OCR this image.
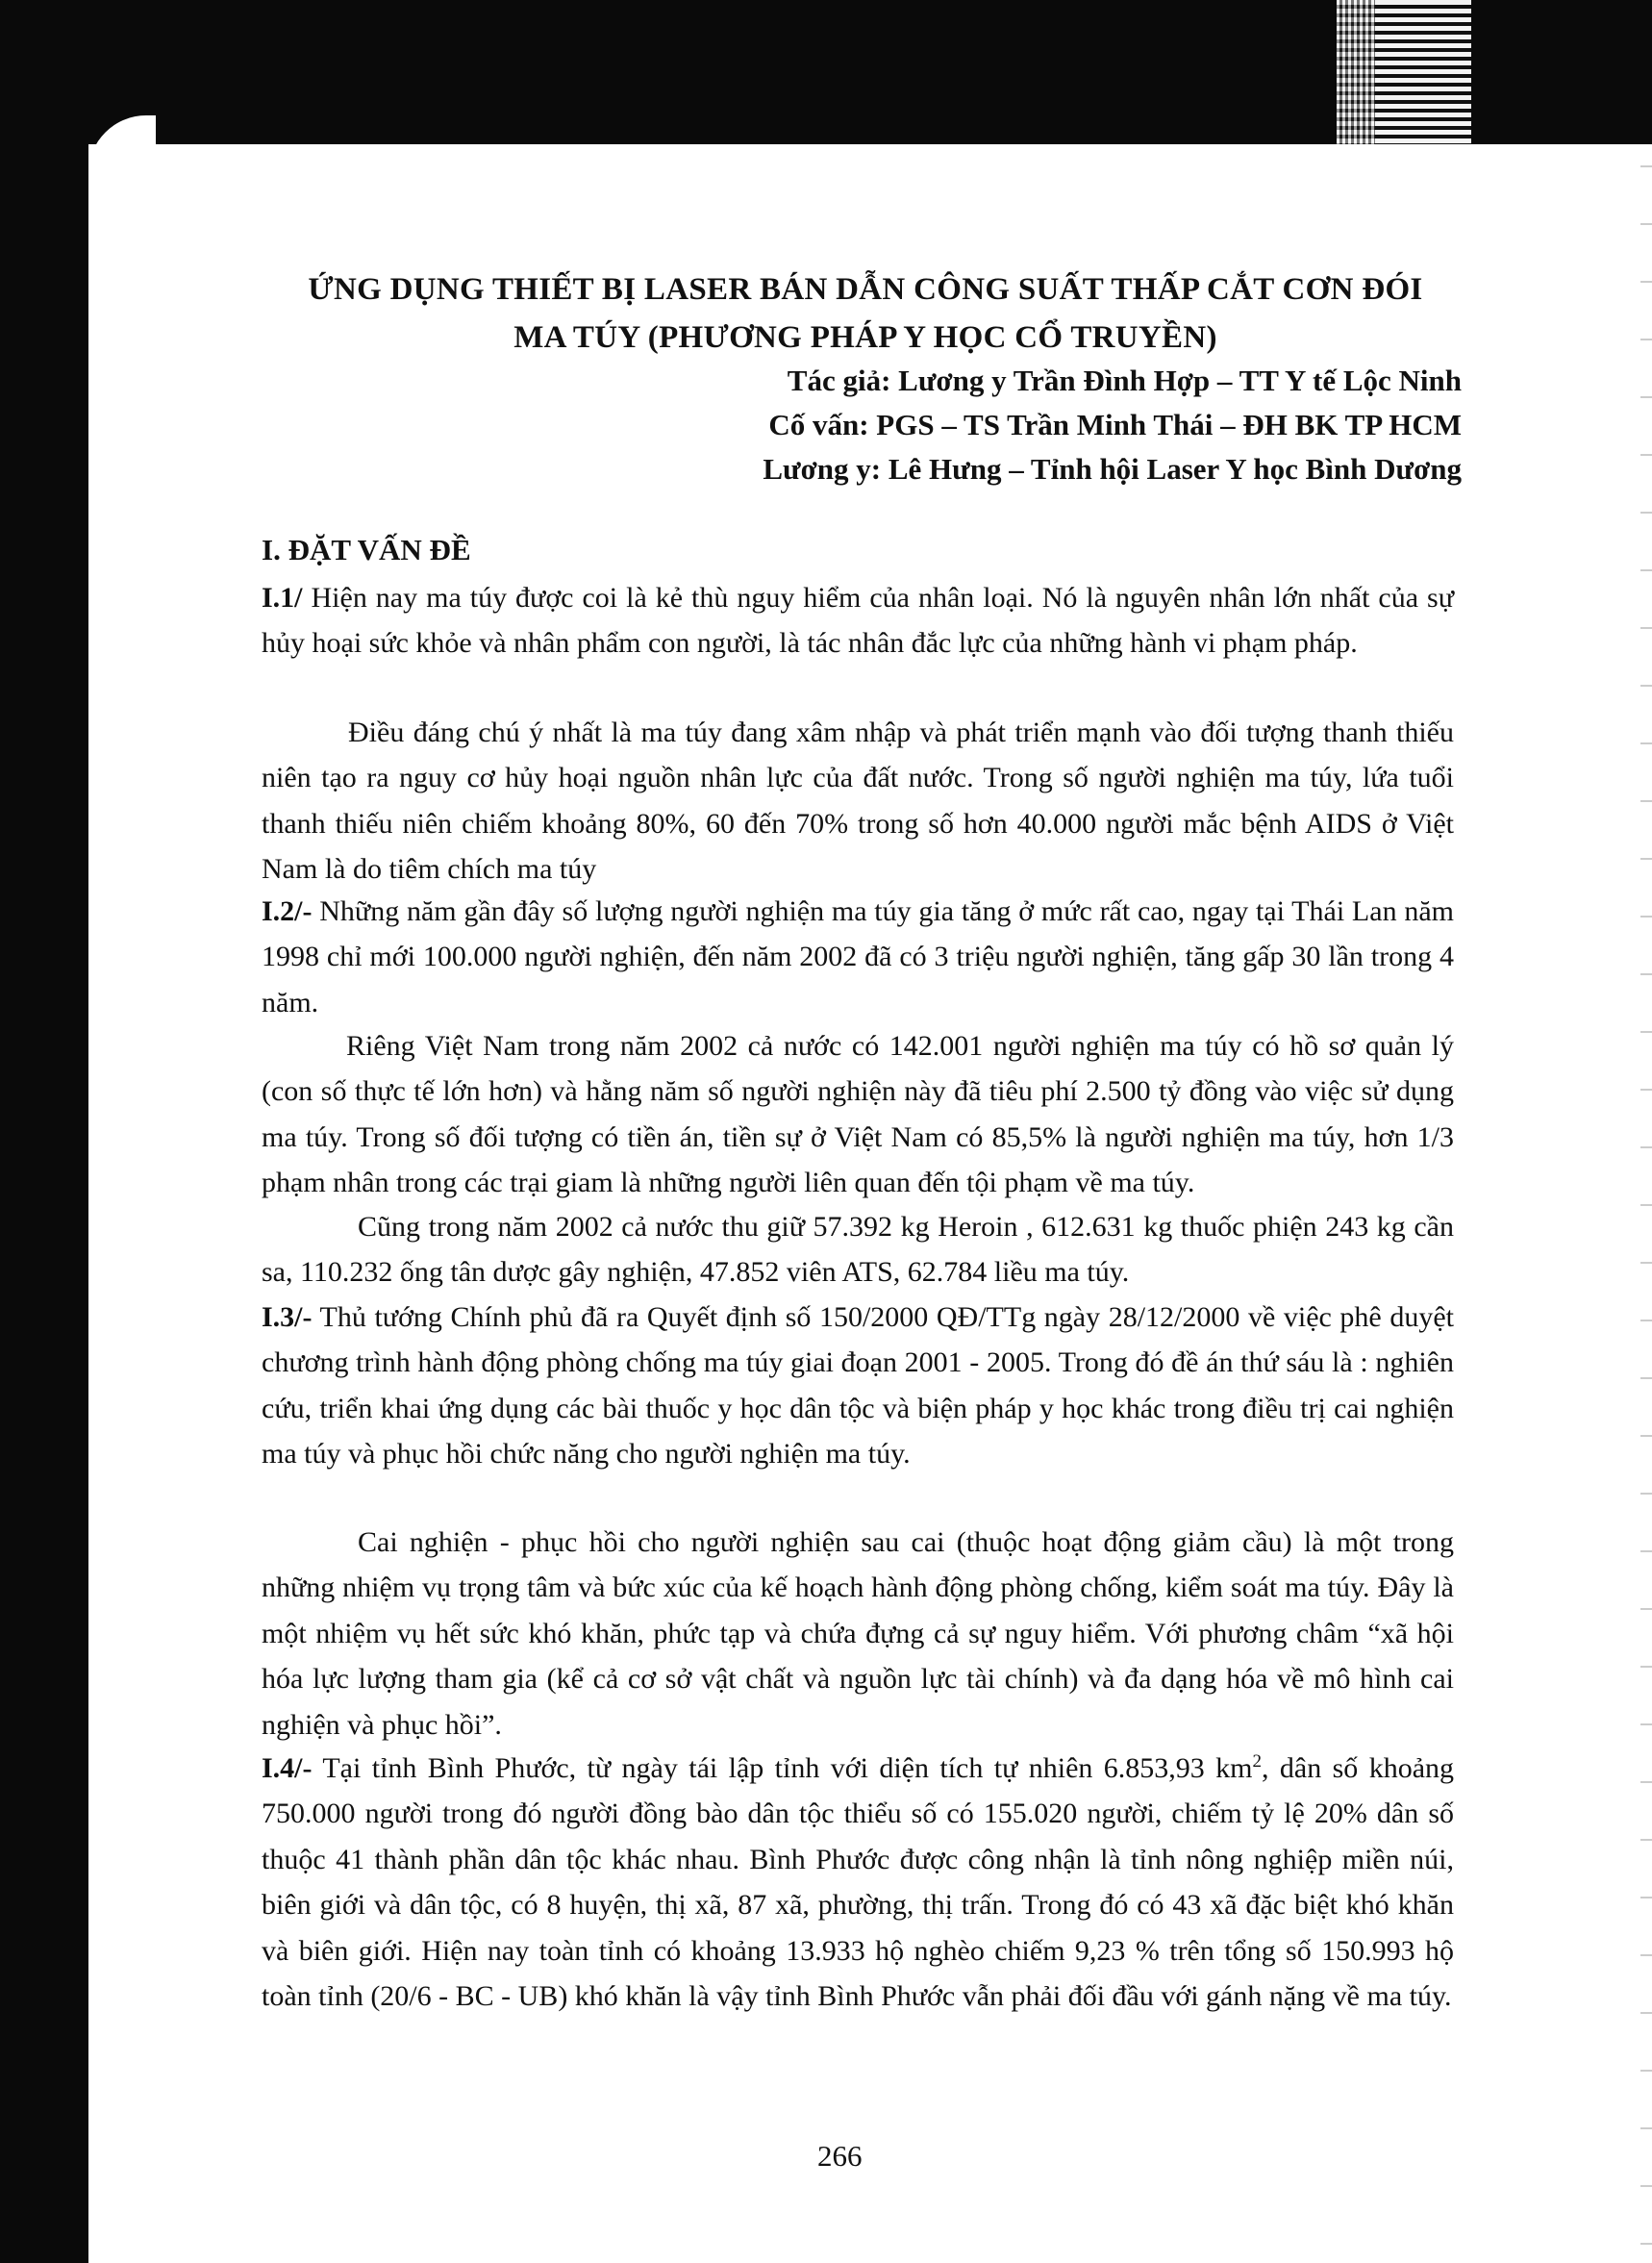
ỨNG DỤNG THIẾT BỊ LASER BÁN DẪN CÔNG SUẤT THẤP CẮT CƠN ĐÓI
MA TÚY (PHƯƠNG PHÁP Y HỌC CỔ TRUYỀN)
Tác giả: Lương y Trần Đình Hợp – TT Y tế Lộc Ninh
Cố vấn: PGS – TS Trần Minh Thái – ĐH BK TP HCM
Lương y: Lê Hưng – Tỉnh hội Laser Y học Bình Dương
I. ĐẶT VẤN ĐỀ

I.1/ Hiện nay ma túy được coi là kẻ thù nguy hiểm của nhân loại. Nó là nguyên nhân lớn nhất của sự hủy hoại sức khỏe và nhân phẩm con người, là tác nhân đắc lực của những hành vi phạm pháp.

Điều đáng chú ý nhất là ma túy đang xâm nhập và phát triển mạnh vào đối tượng thanh thiếu niên tạo ra nguy cơ hủy hoại nguồn nhân lực của đất nước. Trong số người nghiện ma túy, lứa tuổi thanh thiếu niên chiếm khoảng 80%, 60 đến 70% trong số hơn 40.000 người mắc bệnh AIDS ở Việt Nam là do tiêm chích ma túy

I.2/- Những năm gần đây số lượng người nghiện ma túy gia tăng ở mức rất cao, ngay tại Thái Lan năm 1998 chỉ mới 100.000 người nghiện, đến năm 2002 đã có 3 triệu người nghiện, tăng gấp 30 lần trong 4 năm.

Riêng Việt Nam trong năm 2002 cả nước có 142.001 người nghiện ma túy có hồ sơ quản lý (con số thực tế lớn hơn) và hằng năm số người nghiện này đã tiêu phí 2.500 tỷ đồng vào việc sử dụng ma túy. Trong số đối tượng có tiền án, tiền sự ở Việt Nam có 85,5% là người nghiện ma túy, hơn 1/3 phạm nhân trong các trại giam là những người liên quan đến tội phạm về ma túy.

Cũng trong năm 2002 cả nước thu giữ 57.392 kg Heroin , 612.631 kg thuốc phiện 243 kg cần sa, 110.232 ống tân dược gây nghiện, 47.852 viên ATS, 62.784 liều ma túy.

I.3/- Thủ tướng Chính phủ đã ra Quyết định số 150/2000 QĐ/TTg ngày 28/12/2000 về việc phê duyệt chương trình hành động phòng chống ma túy giai đoạn 2001 - 2005. Trong đó đề án thứ sáu là : nghiên cứu, triển khai ứng dụng các bài thuốc y học dân tộc và biện pháp y học khác trong điều trị cai nghiện ma túy và phục hồi chức năng cho người nghiện ma túy.

Cai nghiện - phục hồi cho người nghiện sau cai (thuộc hoạt động giảm cầu) là một trong những nhiệm vụ trọng tâm và bức xúc của kế hoạch hành động phòng chống, kiểm soát ma túy. Đây là một nhiệm vụ hết sức khó khăn, phức tạp và chứa đựng cả sự nguy hiểm. Với phương châm “xã hội hóa lực lượng tham gia (kể cả cơ sở vật chất và nguồn lực tài chính) và đa dạng hóa về mô hình cai nghiện và phục hồi”.

I.4/- Tại tỉnh Bình Phước, từ ngày tái lập tỉnh với diện tích tự nhiên 6.853,93 $km^2$, dân số khoảng 750.000 người trong đó người đồng bào dân tộc thiểu số có 155.020 người, chiếm tỷ lệ 20% dân số thuộc 41 thành phần dân tộc khác nhau. Bình Phước được công nhận là tỉnh nông nghiệp miền núi, biên giới và dân tộc, có 8 huyện, thị xã, 87 xã, phường, thị trấn. Trong đó có 43 xã đặc biệt khó khăn và biên giới. Hiện nay toàn tỉnh có khoảng 13.933 hộ nghèo chiếm 9,23 % trên tổng số 150.993 hộ toàn tỉnh (20/6 - BC - UB) khó khăn là vậy tỉnh Bình Phước vẫn phải đối đầu với gánh nặng về ma túy.

266
